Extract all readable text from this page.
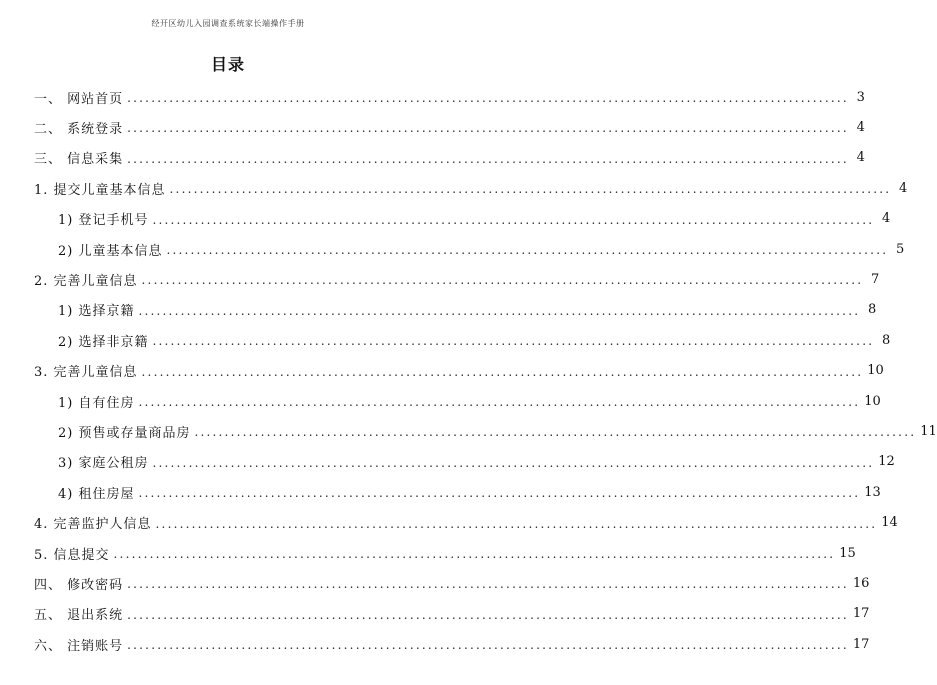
经开区幼儿入园调查系统家长端操作手册
目录
一、 网站首页 ........................................................................................................................ 3
二、 系统登录 ........................................................................................................................ 4
三、 信息采集 ........................................................................................................................ 4
1. 提交儿童基本信息 ........................................................................................................................ 4
1) 登记手机号 ........................................................................................................................ 4
2) 儿童基本信息 ........................................................................................................................ 5
2. 完善儿童信息 ........................................................................................................................ 7
1) 选择京籍 ........................................................................................................................ 8
2) 选择非京籍 ........................................................................................................................ 8
3. 完善儿童信息 ........................................................................................................................ 10
1) 自有住房 ........................................................................................................................ 10
2) 预售或存量商品房 ........................................................................................................................ 11
3) 家庭公租房 ........................................................................................................................ 12
4) 租住房屋 ........................................................................................................................ 13
4. 完善监护人信息 ........................................................................................................................ 14
5. 信息提交 ........................................................................................................................ 15
四、 修改密码 ........................................................................................................................ 16
五、 退出系统 ........................................................................................................................ 17
六、 注销账号 ........................................................................................................................ 17
